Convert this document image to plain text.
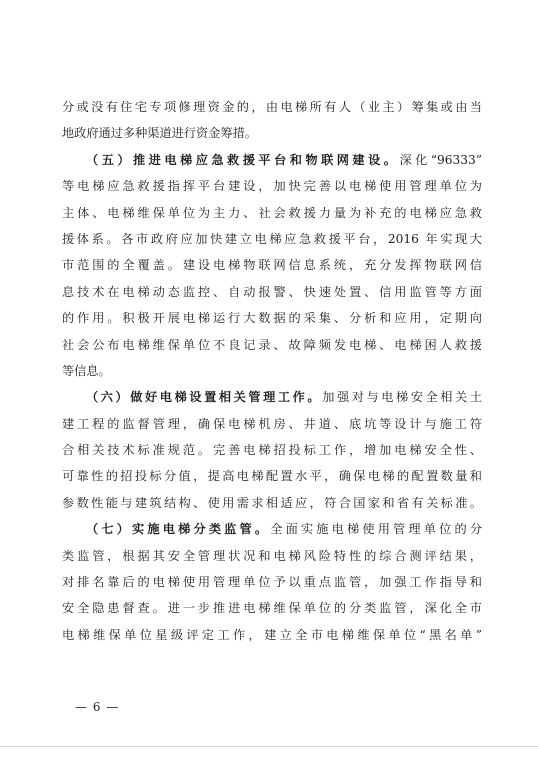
分或没有住宅专项修理资金的，由电梯所有人（业主）筹集或由当
地政府通过多种渠道进行资金筹措。
（五）推进电梯应急救援平台和物联网建设。深化“96333”
等电梯应急救援指挥平台建设，加快完善以电梯使用管理单位为
主体、电梯维保单位为主力、社会救援力量为补充的电梯应急救
援体系。各市政府应加快建立电梯应急救援平台，2016 年实现大
市范围的全覆盖。建设电梯物联网信息系统，充分发挥物联网信
息技术在电梯动态监控、自动报警、快速处置、信用监管等方面
的作用。积极开展电梯运行大数据的采集、分析和应用，定期向
社会公布电梯维保单位不良记录、故障频发电梯、电梯困人救援
等信息。
（六）做好电梯设置相关管理工作。加强对与电梯安全相关土
建工程的监督管理，确保电梯机房、井道、底坑等设计与施工符
合相关技术标准规范。完善电梯招投标工作，增加电梯安全性、
可靠性的招投标分值，提高电梯配置水平，确保电梯的配置数量和
参数性能与建筑结构、使用需求相适应，符合国家和省有关标准。
（七）实施电梯分类监管。全面实施电梯使用管理单位的分
类监管，根据其安全管理状况和电梯风险特性的综合测评结果，
对排名靠后的电梯使用管理单位予以重点监管，加强工作指导和
安全隐患督查。进一步推进电梯维保单位的分类监管，深化全市
电梯维保单位星级评定工作，建立全市电梯维保单位“黑名单”
— 6 —
